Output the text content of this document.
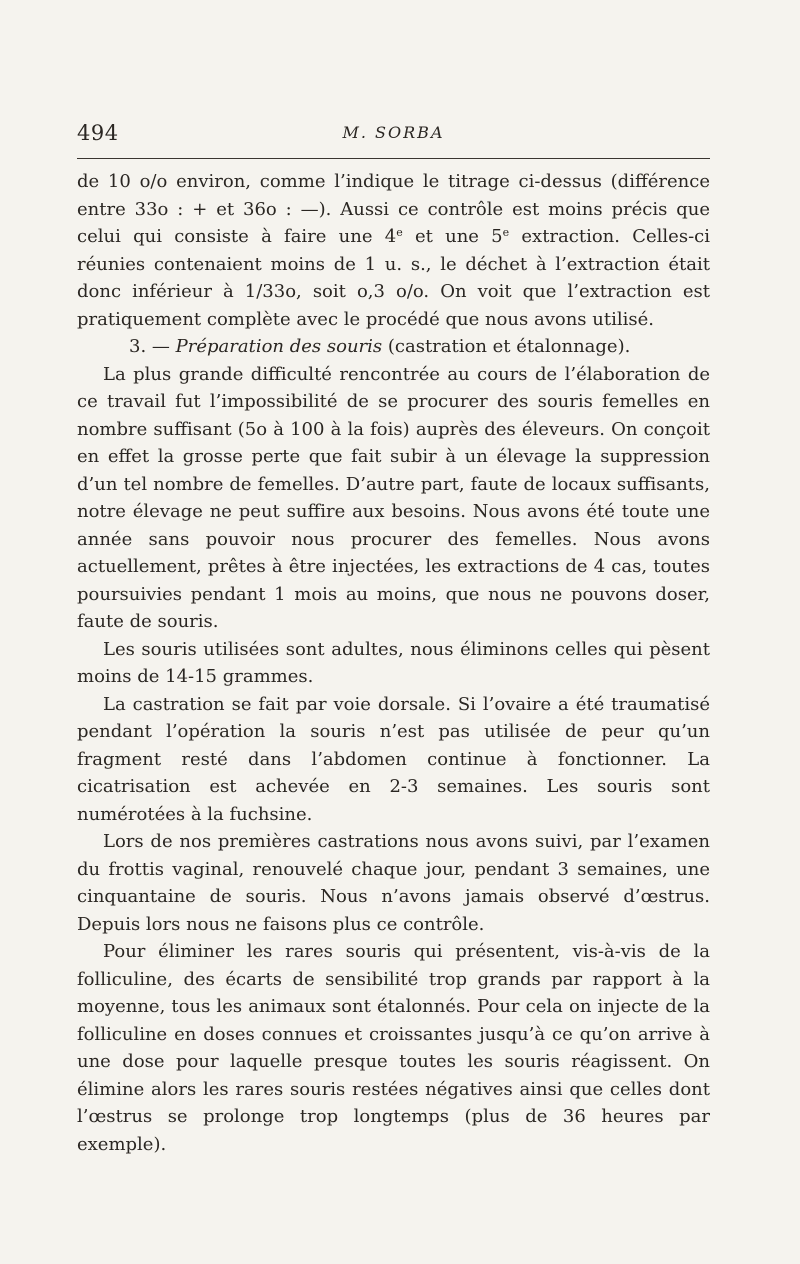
494	M. SORBA

de 10 o/o environ, comme l’indique le titrage ci-dessus (différence entre 33o : + et 36o : —). Aussi ce contrôle est moins précis que celui qui consiste à faire une 4e et une 5e extraction. Celles-ci réunies contenaient moins de 1 u. s., le déchet à l’extraction était donc inférieur à 1/33o, soit o,3 o/o. On voit que l’extraction est pratiquement complète avec le procédé que nous avons utilisé.

3. — Préparation des souris (castration et étalonnage).

La plus grande difficulté rencontrée au cours de l’élaboration de ce travail fut l’impossibilité de se procurer des souris femelles en nombre suffisant (5o à 100 à la fois) auprès des éleveurs. On conçoit en effet la grosse perte que fait subir à un élevage la suppression d’un tel nombre de femelles. D’autre part, faute de locaux suffisants, notre élevage ne peut suffire aux besoins. Nous avons été toute une année sans pouvoir nous procurer des femelles. Nous avons actuellement, prêtes à être injectées, les extractions de 4 cas, toutes poursuivies pendant 1 mois au moins, que nous ne pouvons doser, faute de souris.

Les souris utilisées sont adultes, nous éliminons celles qui pèsent moins de 14-15 grammes.

La castration se fait par voie dorsale. Si l’ovaire a été traumatisé pendant l’opération la souris n’est pas utilisée de peur qu’un fragment resté dans l’abdomen continue à fonctionner. La cicatrisation est achevée en 2-3 semaines. Les souris sont numérotées à la fuchsine.

Lors de nos premières castrations nous avons suivi, par l’examen du frottis vaginal, renouvelé chaque jour, pendant 3 semaines, une cinquantaine de souris. Nous n’avons jamais observé d’œstrus. Depuis lors nous ne faisons plus ce contrôle.

Pour éliminer les rares souris qui présentent, vis-à-vis de la folliculine, des écarts de sensibilité trop grands par rapport à la moyenne, tous les animaux sont étalonnés. Pour cela on injecte de la folliculine en doses connues et croissantes jusqu’à ce qu’on arrive à une dose pour laquelle presque toutes les souris réagissent. On élimine alors les rares souris restées négatives ainsi que celles dont l’œstrus se prolonge trop longtemps (plus de 36 heures par exemple).
